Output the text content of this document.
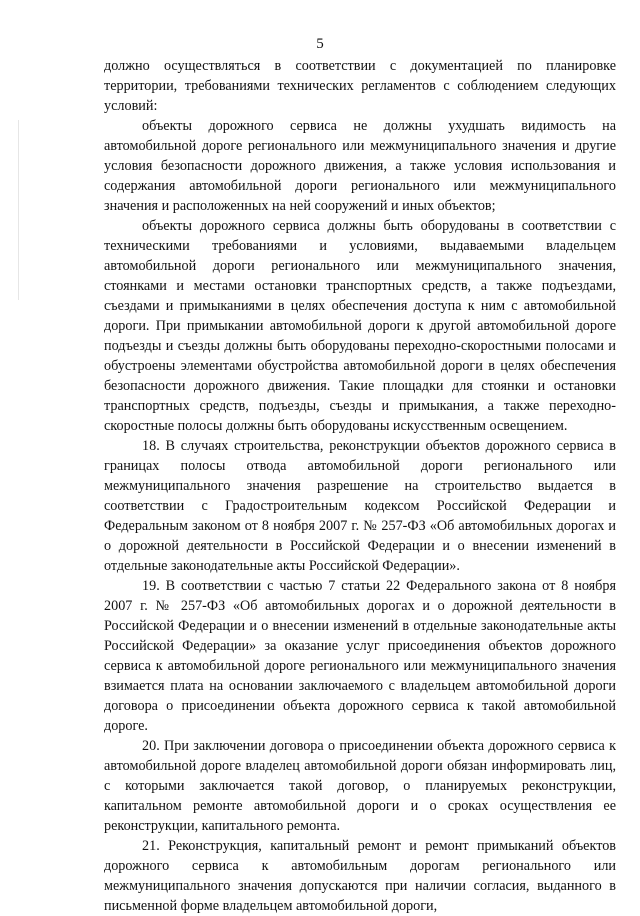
5

должно осуществляться в соответствии с документацией по планировке территории, требованиями технических регламентов с соблюдением следующих условий:

объекты дорожного сервиса не должны ухудшать видимость на автомобильной дороге регионального или межмуниципального значения и другие условия безопасности дорожного движения, а также условия использования и содержания автомобильной дороги регионального или межмуниципального значения и расположенных на ней сооружений и иных объектов;

объекты дорожного сервиса должны быть оборудованы в соответствии с техническими требованиями и условиями, выдаваемыми владельцем автомобильной дороги регионального или межмуниципального значения, стоянками и местами остановки транспортных средств, а также подъездами, съездами и примыканиями в целях обеспечения доступа к ним с автомобильной дороги. При примыкании автомобильной дороги к другой автомобильной дороге подъезды и съезды должны быть оборудованы переходно-скоростными полосами и обустроены элементами обустройства автомобильной дороги в целях обеспечения безопасности дорожного движения. Такие площадки для стоянки и остановки транспортных средств, подъезды, съезды и примыкания, а также переходно-скоростные полосы должны быть оборудованы искусственным освещением.

18. В случаях строительства, реконструкции объектов дорожного сервиса в границах полосы отвода автомобильной дороги регионального или межмуниципального значения разрешение на строительство выдается в соответствии с Градостроительным кодексом Российской Федерации и Федеральным законом от 8 ноября 2007 г. № 257-ФЗ «Об автомобильных дорогах и о дорожной деятельности в Российской Федерации и о внесении изменений в отдельные законодательные акты Российской Федерации».

19. В соответствии с частью 7 статьи 22 Федерального закона от 8 ноября 2007 г. № 257-ФЗ «Об автомобильных дорогах и о дорожной деятельности в Российской Федерации и о внесении изменений в отдельные законодательные акты Российской Федерации» за оказание услуг присоединения объектов дорожного сервиса к автомобильной дороге регионального или межмуниципального значения взимается плата на основании заключаемого с владельцем автомобильной дороги договора о присоединении объекта дорожного сервиса к такой автомобильной дороге.

20. При заключении договора о присоединении объекта дорожного сервиса к автомобильной дороге владелец автомобильной дороги обязан информировать лиц, с которыми заключается такой договор, о планируемых реконструкции, капитальном ремонте автомобильной дороги и о сроках осуществления ее реконструкции, капитального ремонта.

21. Реконструкция, капитальный ремонт и ремонт примыканий объектов дорожного сервиса к автомобильным дорогам регионального или межмуниципального значения допускаются при наличии согласия, выданного в письменной форме владельцем автомобильной дороги,
